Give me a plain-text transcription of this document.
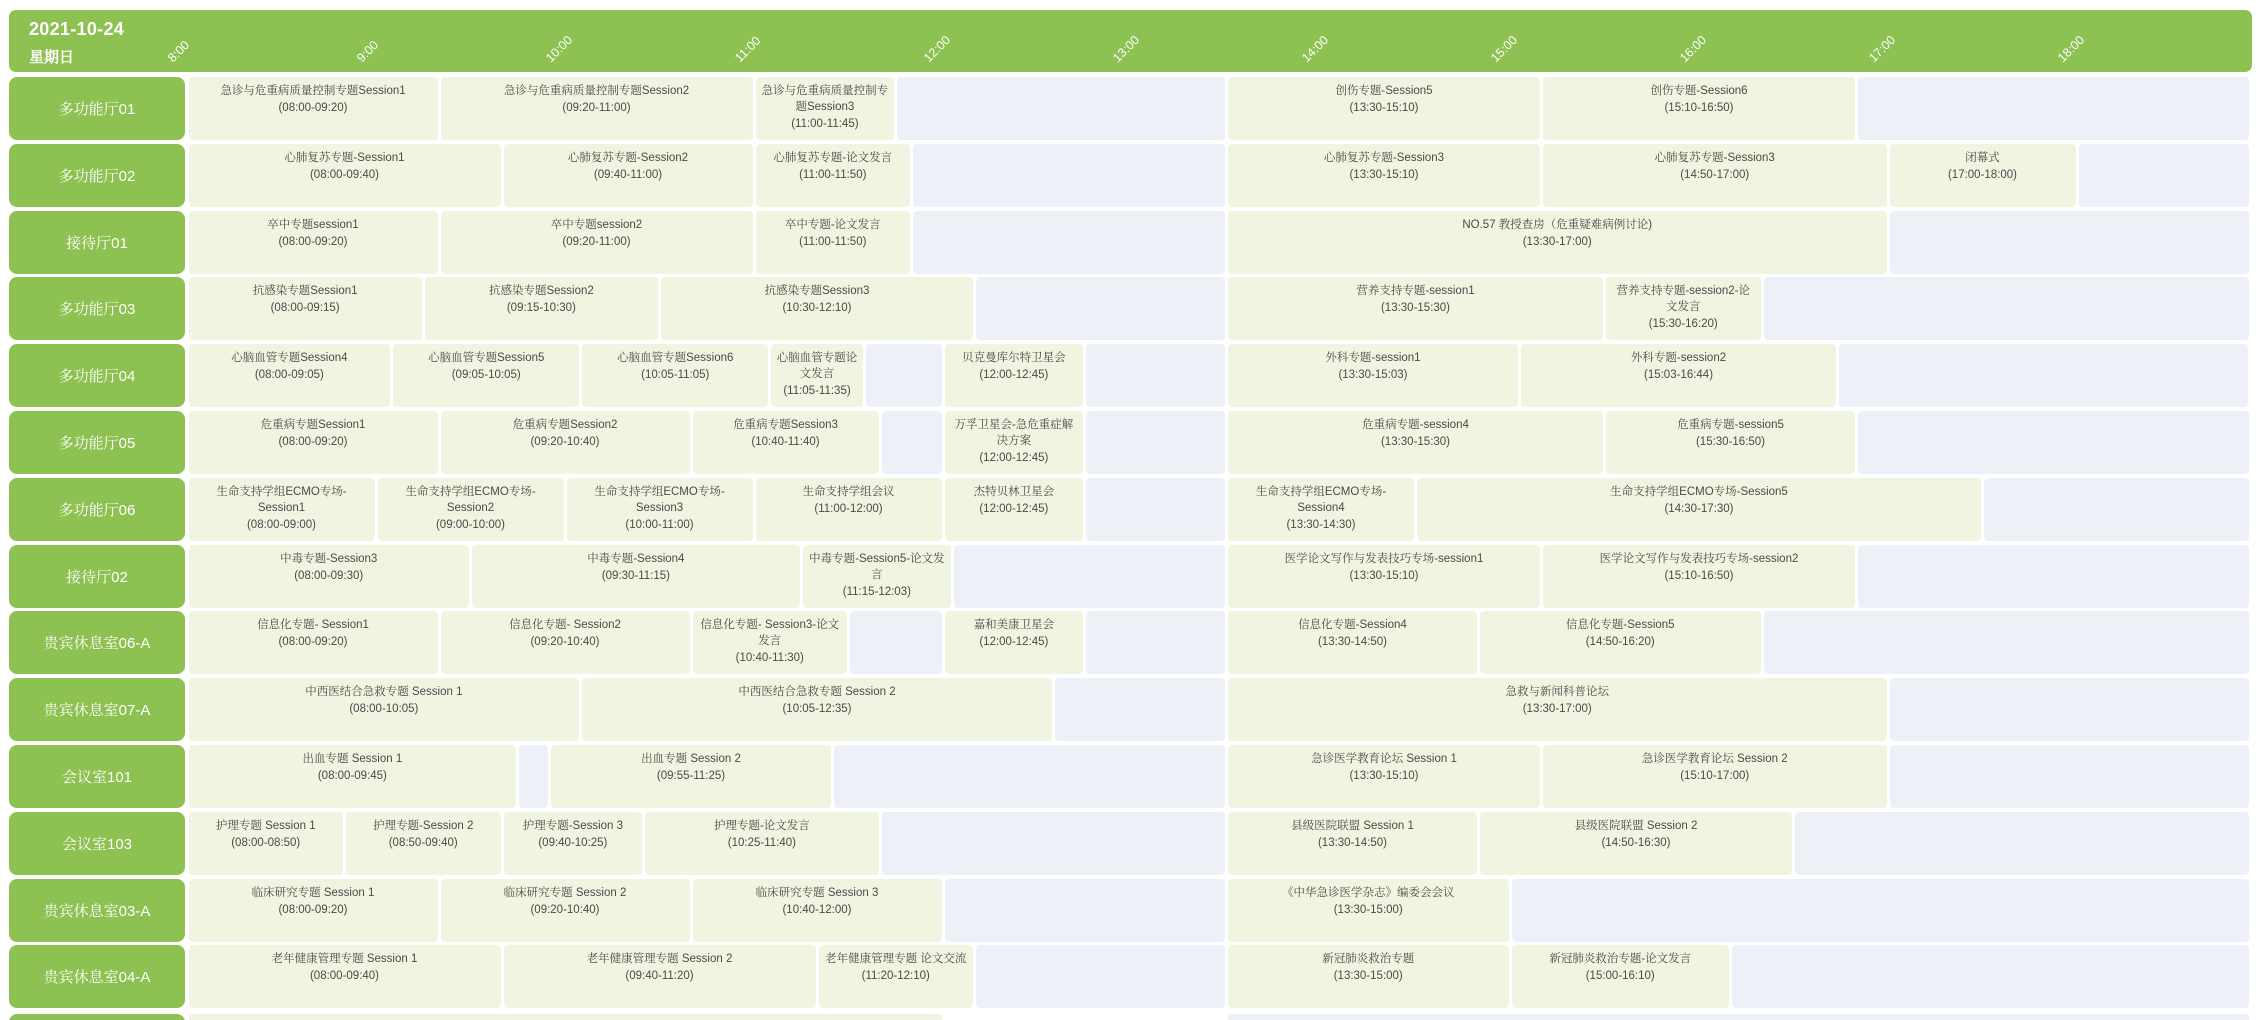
2021-10-24
星期日	8:00	9:00	10:00	11:00	12:00	13:00	14:00	15:00	16:00	17:00	18:00
多功能厅01
急诊与危重病质量控制专题Session1
(08:00-09:20)
急诊与危重病质量控制专题Session2
(09:20-11:00)
急诊与危重病质量控制专题Session3
(11:00-11:45)
创伤专题-Session5
(13:30-15:10)
创伤专题-Session6
(15:10-16:50)
多功能厅02
心肺复苏专题-Session1
(08:00-09:40)
心肺复苏专题-Session2
(09:40-11:00)
心肺复苏专题-论文发言
(11:00-11:50)
心肺复苏专题-Session3
(13:30-15:10)
心肺复苏专题-Session3
(14:50-17:00)
闭幕式
(17:00-18:00)
接待厅01
卒中专题session1
(08:00-09:20)
卒中专题session2
(09:20-11:00)
卒中专题-论文发言
(11:00-11:50)
NO.57 教授查房（危重疑难病例讨论)
(13:30-17:00)
多功能厅03
抗感染专题Session1
(08:00-09:15)
抗感染专题Session2
(09:15-10:30)
抗感染专题Session3
(10:30-12:10)
营养支持专题-session1
(13:30-15:30)
营养支持专题-session2-论文发言
(15:30-16:20)
多功能厅04
心脑血管专题Session4
(08:00-09:05)
心脑血管专题Session5
(09:05-10:05)
心脑血管专题Session6
(10:05-11:05)
心脑血管专题论文发言
(11:05-11:35)
贝克曼库尔特卫星会
(12:00-12:45)
外科专题-session1
(13:30-15:03)
外科专题-session2
(15:03-16:44)
多功能厅05
危重病专题Session1
(08:00-09:20)
危重病专题Session2
(09:20-10:40)
危重病专题Session3
(10:40-11:40)
万孚卫星会-急危重症解决方案
(12:00-12:45)
危重病专题-session4
(13:30-15:30)
危重病专题-session5
(15:30-16:50)
多功能厅06
生命支持学组ECMO专场-Session1
(08:00-09:00)
生命支持学组ECMO专场-Session2
(09:00-10:00)
生命支持学组ECMO专场-Session3
(10:00-11:00)
生命支持学组会议
(11:00-12:00)
杰特贝林卫星会
(12:00-12:45)
生命支持学组ECMO专场-Session4
(13:30-14:30)
生命支持学组ECMO专场-Session5
(14:30-17:30)
接待厅02
中毒专题-Session3
(08:00-09:30)
中毒专题-Session4
(09:30-11:15)
中毒专题-Session5-论文发言
(11:15-12:03)
医学论文写作与发表技巧专场-session1
(13:30-15:10)
医学论文写作与发表技巧专场-session2
(15:10-16:50)
贵宾休息室06-A
信息化专题- Session1
(08:00-09:20)
信息化专题- Session2
(09:20-10:40)
信息化专题- Session3-论文发言
(10:40-11:30)
嘉和美康卫星会
(12:00-12:45)
信息化专题-Session4
(13:30-14:50)
信息化专题-Session5
(14:50-16:20)
贵宾休息室07-A
中西医结合急救专题 Session 1
(08:00-10:05)
中西医结合急救专题 Session 2
(10:05-12:35)
急救与新闻科普论坛
(13:30-17:00)
会议室101
出血专题 Session 1
(08:00-09:45)
出血专题 Session 2
(09:55-11:25)
急诊医学教育论坛 Session 1
(13:30-15:10)
急诊医学教育论坛 Session 2
(15:10-17:00)
会议室103
护理专题 Session 1
(08:00-08:50)
护理专题-Session 2
(08:50-09:40)
护理专题-Session 3
(09:40-10:25)
护理专题-论文发言
(10:25-11:40)
县级医院联盟 Session 1
(13:30-14:50)
县级医院联盟 Session 2
(14:50-16:30)
贵宾休息室03-A
临床研究专题 Session 1
(08:00-09:20)
临床研究专题 Session 2
(09:20-10:40)
临床研究专题 Session 3
(10:40-12:00)
《中华急诊医学杂志》编委会会议
(13:30-15:00)
贵宾休息室04-A
老年健康管理专题 Session 1
(08:00-09:40)
老年健康管理专题 Session 2
(09:40-11:20)
老年健康管理专题 论文交流
(11:20-12:10)
新冠肺炎救治专题
(13:30-15:00)
新冠肺炎救治专题-论文发言
(15:00-16:10)
